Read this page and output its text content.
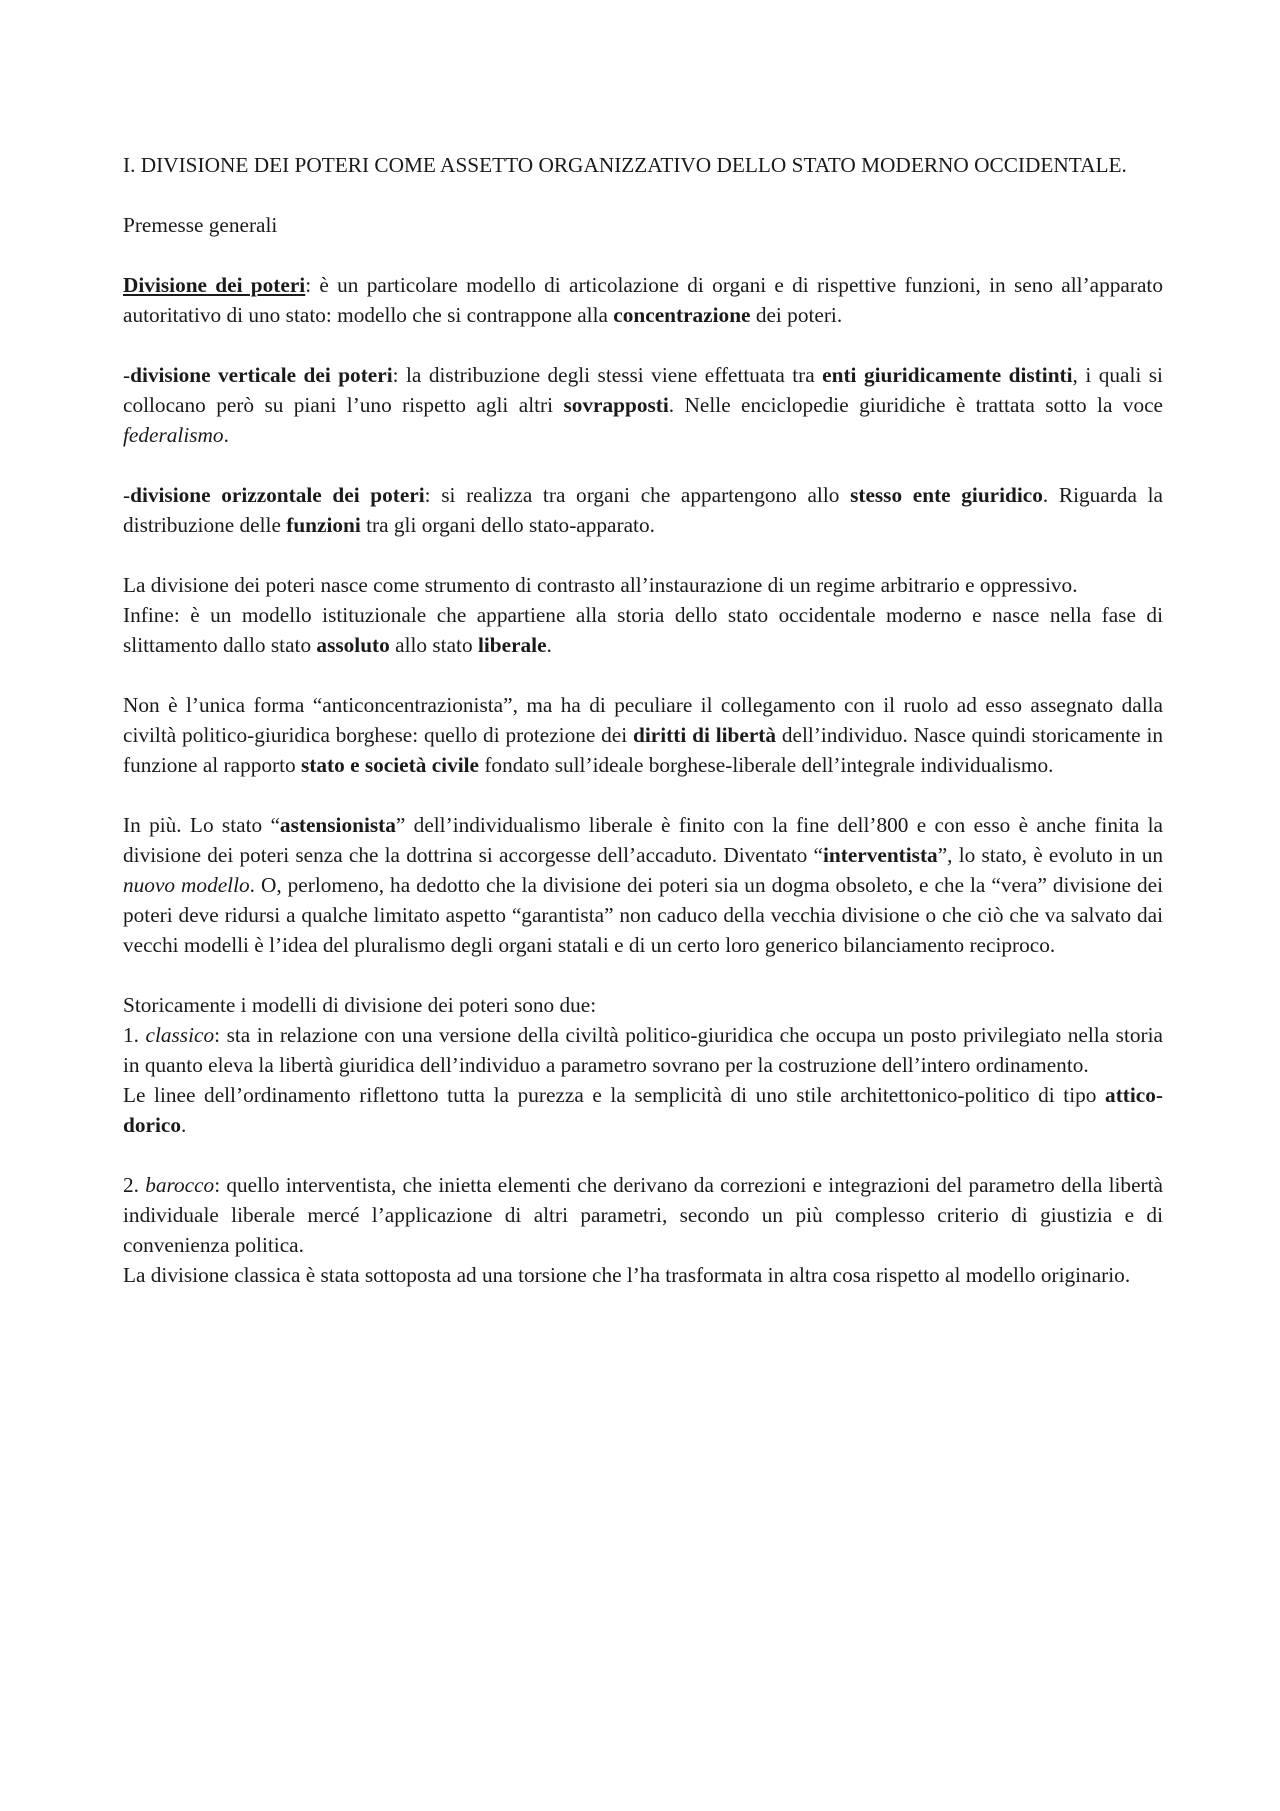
I. DIVISIONE DEI POTERI COME ASSETTO ORGANIZZATIVO DELLO STATO MODERNO OCCIDENTALE.

Premesse generali

Divisione dei poteri: è un particolare modello di articolazione di organi e di rispettive funzioni, in seno all’apparato autoritativo di uno stato: modello che si contrappone alla concentrazione dei poteri.

-divisione verticale dei poteri: la distribuzione degli stessi viene effettuata tra enti giuridicamente distinti, i quali si collocano però su piani l’uno rispetto agli altri sovrapposti. Nelle enciclopedie giuridiche è trattata sotto la voce federalismo.

-divisione orizzontale dei poteri: si realizza tra organi che appartengono allo stesso ente giuridico. Riguarda la distribuzione delle funzioni tra gli organi dello stato-apparato.

La divisione dei poteri nasce come strumento di contrasto all’instaurazione di un regime arbitrario e oppressivo.

Infine: è un modello istituzionale che appartiene alla storia dello stato occidentale moderno e nasce nella fase di slittamento dallo stato assoluto allo stato liberale.

Non è l’unica forma “anticoncentrazionista”, ma ha di peculiare il collegamento con il ruolo ad esso assegnato dalla civiltà politico-giuridica borghese: quello di protezione dei diritti di libertà dell’individuo. Nasce quindi storicamente in funzione al rapporto stato e società civile fondato sull’ideale borghese-liberale dell’integrale individualismo.

In più. Lo stato “astensionista” dell’individualismo liberale è finito con la fine dell’800 e con esso è anche finita la divisione dei poteri senza che la dottrina si accorgesse dell’accaduto. Diventato “interventista”, lo stato, è evoluto in un nuovo modello. O, perlomeno, ha dedotto che la divisione dei poteri sia un dogma obsoleto, e che la “vera” divisione dei poteri deve ridursi a qualche limitato aspetto “garantista” non caduco della vecchia divisione o che ciò che va salvato dai vecchi modelli è l’idea del pluralismo degli organi statali e di un certo loro generico bilanciamento reciproco.

Storicamente i modelli di divisione dei poteri sono due:

1. classico: sta in relazione con una versione della civiltà politico-giuridica che occupa un posto privilegiato nella storia in quanto eleva la libertà giuridica dell’individuo a parametro sovrano per la costruzione dell’intero ordinamento.

Le linee dell’ordinamento riflettono tutta la purezza e la semplicità di uno stile architettonico-politico di tipo attico-dorico.

2. barocco: quello interventista, che inietta elementi che derivano da correzioni e integrazioni del parametro della libertà individuale liberale mercé l’applicazione di altri parametri, secondo un più complesso criterio di giustizia e di convenienza politica.

La divisione classica è stata sottoposta ad una torsione che l’ha trasformata in altra cosa rispetto al modello originario.
